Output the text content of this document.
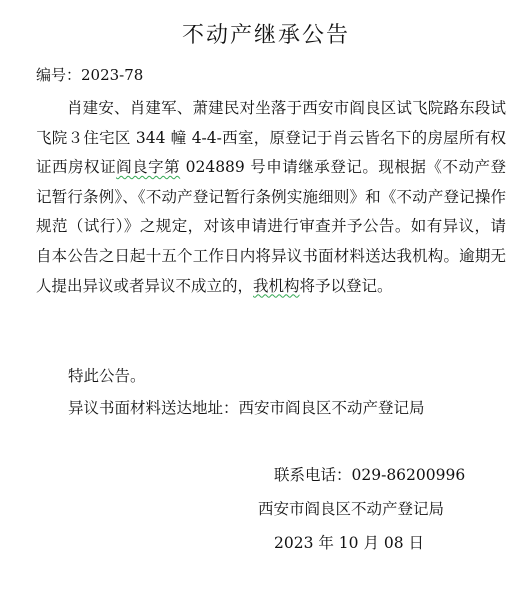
不动产继承公告
编号：2023-78

肖建安、肖建军、萧建民对坐落于西安市阎良区试飞院路东段试飞院３住宅区 344 幢 4-4-西室，原登记于肖云皆名下的房屋所有权证西房权证阎良字第 024889 号申请继承登记。现根据《不动产登记暂行条例》、《不动产登记暂行条例实施细则》和《不动产登记操作规范（试行）》之规定，对该申请进行审查并予公告。如有异议，请自本公告之日起十五个工作日内将异议书面材料送达我机构。逾期无人提出异议或者异议不成立的，我机构将予以登记。

特此公告。
异议书面材料送达地址：西安市阎良区不动产登记局
联系电话：029-86200996
西安市阎良区不动产登记局
2023 年 10 月 08 日
